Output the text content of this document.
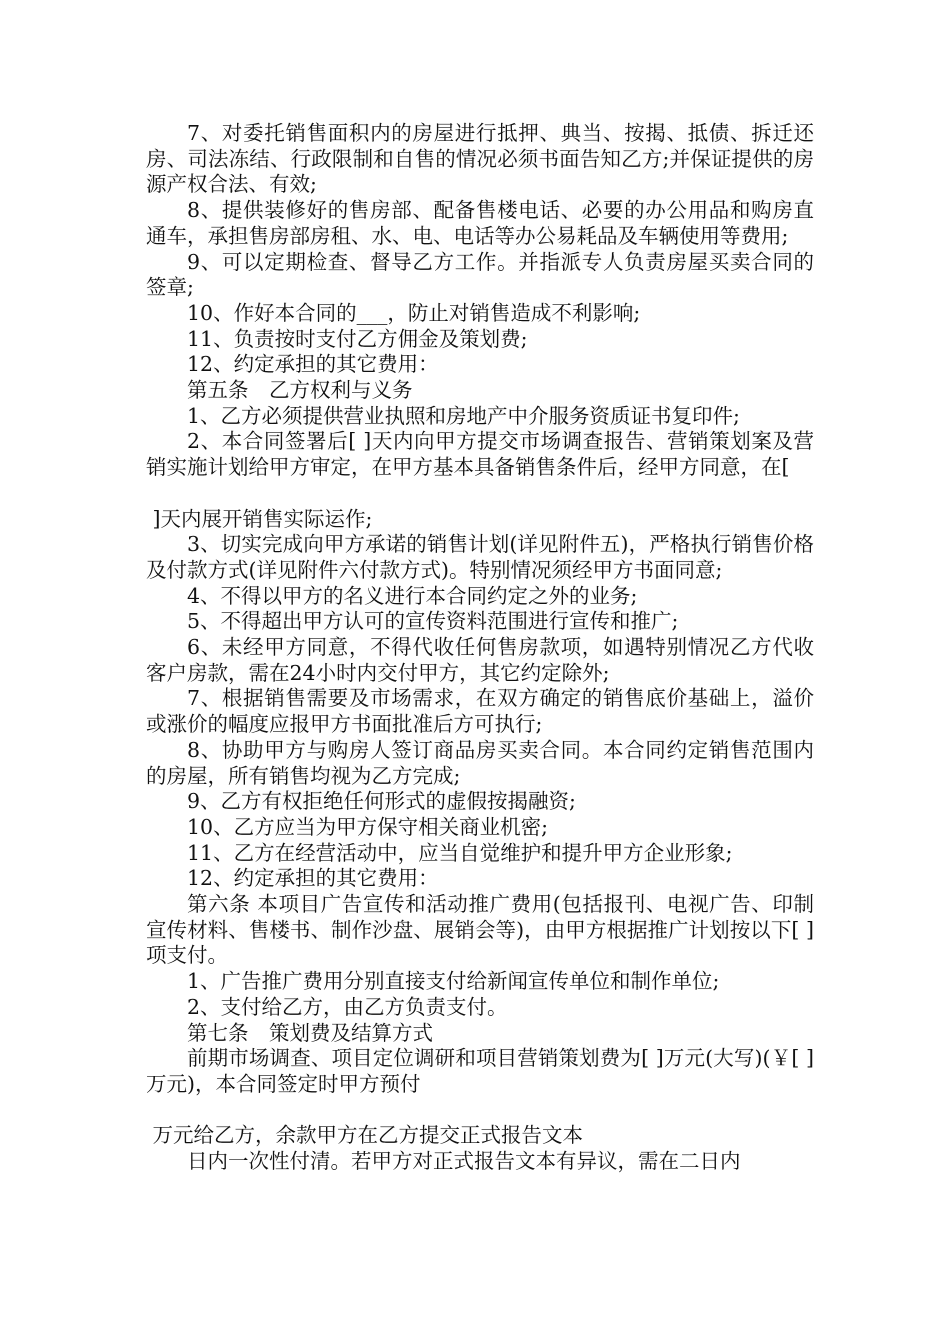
7、对委托销售面积内的房屋进行抵押、典当、按揭、抵债、拆迁还房、司法冻结、行政限制和自售的情况必须书面告知乙方;并保证提供的房源产权合法、有效;

8、提供装修好的售房部、配备售楼电话、必要的办公用品和购房直通车，承担售房部房租、水、电、电话等办公易耗品及车辆使用等费用;

9、可以定期检查、督导乙方工作。并指派专人负责房屋买卖合同的签章;

10、作好本合同的___，防止对销售造成不利影响;

11、负责按时支付乙方佣金及策划费;

12、约定承担的其它费用：

第五条　乙方权利与义务

1、乙方必须提供营业执照和房地产中介服务资质证书复印件;

2、本合同签署后[ ]天内向甲方提交市场调查报告、营销策划案及营销实施计划给甲方审定，在甲方基本具备销售条件后，经甲方同意，在[

]天内展开销售实际运作;

3、切实完成向甲方承诺的销售计划(详见附件五)，严格执行销售价格及付款方式(详见附件六付款方式)。特别情况须经甲方书面同意;

4、不得以甲方的名义进行本合同约定之外的业务;

5、不得超出甲方认可的宣传资料范围进行宣传和推广;

6、未经甲方同意，不得代收任何售房款项，如遇特别情况乙方代收客户房款，需在24小时内交付甲方，其它约定除外;

7、根据销售需要及市场需求，在双方确定的销售底价基础上，溢价或涨价的幅度应报甲方书面批准后方可执行;

8、协助甲方与购房人签订商品房买卖合同。本合同约定销售范围内的房屋，所有销售均视为乙方完成;

9、乙方有权拒绝任何形式的虚假按揭融资;

10、乙方应当为甲方保守相关商业机密;

11、乙方在经营活动中，应当自觉维护和提升甲方企业形象;

12、约定承担的其它费用：

第六条 本项目广告宣传和活动推广费用(包括报刊、电视广告、印制宣传材料、售楼书、制作沙盘、展销会等)，由甲方根据推广计划按以下[ ]项支付。

1、广告推广费用分别直接支付给新闻宣传单位和制作单位;

2、支付给乙方，由乙方负责支付。

第七条　策划费及结算方式

前期市场调查、项目定位调研和项目营销策划费为[ ]万元(大写)(￥[ ]万元)，本合同签定时甲方预付

万元给乙方，余款甲方在乙方提交正式报告文本

日内一次性付清。若甲方对正式报告文本有异议，需在二日内
